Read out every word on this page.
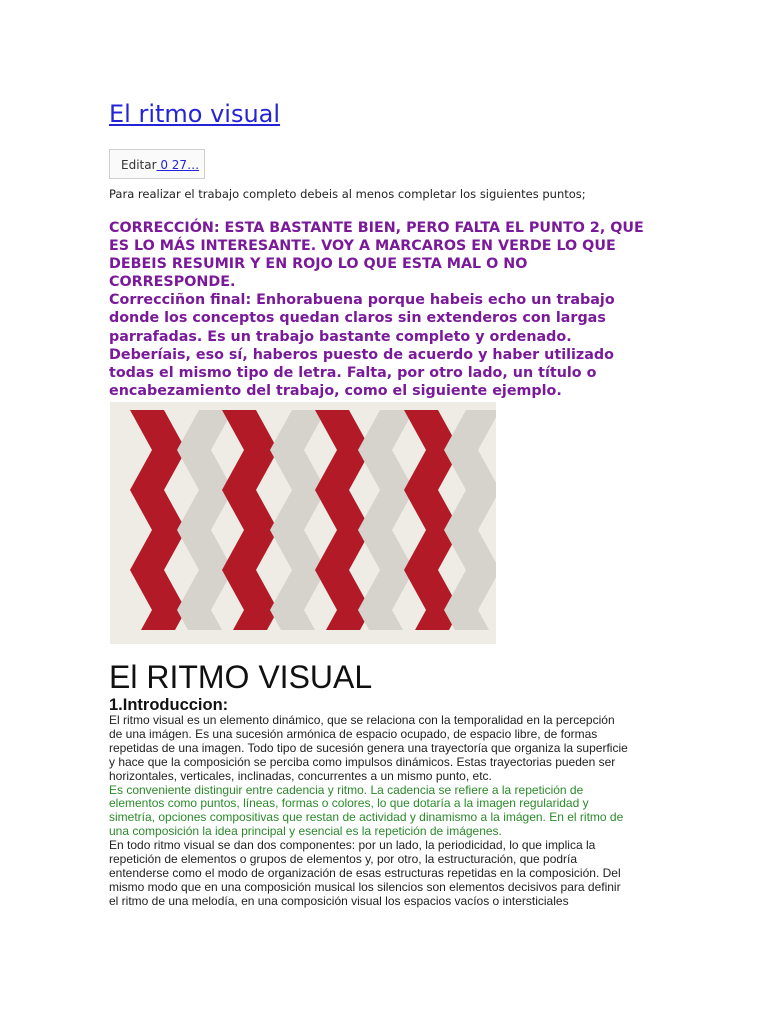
El ritmo visual
Editar 0 27…
Para realizar el trabajo completo debeis al menos completar los siguientes puntos;

CORRECCIÓN: ESTA BASTANTE BIEN, PERO FALTA EL PUNTO 2, QUE ES LO MÁS INTERESANTE. VOY A MARCAROS EN VERDE LO QUE DEBEIS RESUMIR Y EN ROJO LO QUE ESTA MAL O NO CORRESPONDE.

Correcciñon final: Enhorabuena porque habeis echo un trabajo donde los conceptos quedan claros sin extenderos con largas parrafadas. Es un trabajo bastante completo y ordenado. Deberíais, eso sí, haberos puesto de acuerdo y haber utilizado todas el mismo tipo de letra. Falta, por otro lado, un título o encabezamiento del trabajo, como el siguiente ejemplo.

El RITMO VISUAL
1.Introduccion:

El ritmo visual es un elemento dinámico, que se relaciona con la temporalidad en la percepción de una imágen. Es una sucesión armónica de espacio ocupado, de espacio libre, de formas repetidas de una imagen. Todo tipo de sucesión genera una trayectoría que organiza la superficie y hace que la composición se perciba como impulsos dinámicos. Estas trayectorias pueden ser horizontales, verticales, inclinadas, concurrentes a un mismo punto, etc.

Es conveniente distinguir entre cadencia y ritmo. La cadencia se refiere a la repetición de elementos como puntos, líneas, formas o colores, lo que dotaría a la imagen regularidad y simetría, opciones compositivas que restan de actividad y dinamismo a la imágen. En el ritmo de una composición la idea principal y esencial es la repetición de imágenes.

En todo ritmo visual se dan dos componentes: por un lado, la periodicidad, lo que implica la repetición de elementos o grupos de elementos y, por otro, la estructuración, que podría entenderse como el modo de organización de esas estructuras repetidas en la composición. Del mismo modo que en una composición musical los silencios son elementos decisivos para definir el ritmo de una melodía, en una composición visual los espacios vacíos o intersticiales
